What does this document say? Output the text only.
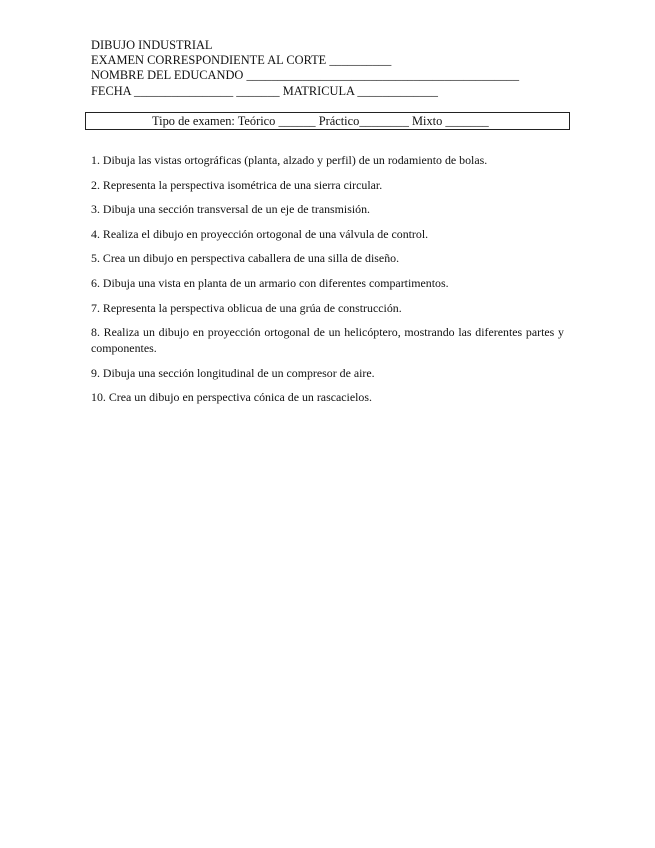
DIBUJO INDUSTRIAL
EXAMEN CORRESPONDIENTE AL CORTE __________
NOMBRE DEL EDUCANDO ____________________________________________
FECHA ________________ _______ MATRICULA _____________
Tipo de examen: Teórico ______ Práctico________ Mixto _______
1. Dibuja las vistas ortográficas (planta, alzado y perfil) de un rodamiento de bolas.
2. Representa la perspectiva isométrica de una sierra circular.
3. Dibuja una sección transversal de un eje de transmisión.
4. Realiza el dibujo en proyección ortogonal de una válvula de control.
5. Crea un dibujo en perspectiva caballera de una silla de diseño.
6. Dibuja una vista en planta de un armario con diferentes compartimentos.
7. Representa la perspectiva oblicua de una grúa de construcción.
8. Realiza un dibujo en proyección ortogonal de un helicóptero, mostrando las diferentes partes y componentes.
9. Dibuja una sección longitudinal de un compresor de aire.
10. Crea un dibujo en perspectiva cónica de un rascacielos.
